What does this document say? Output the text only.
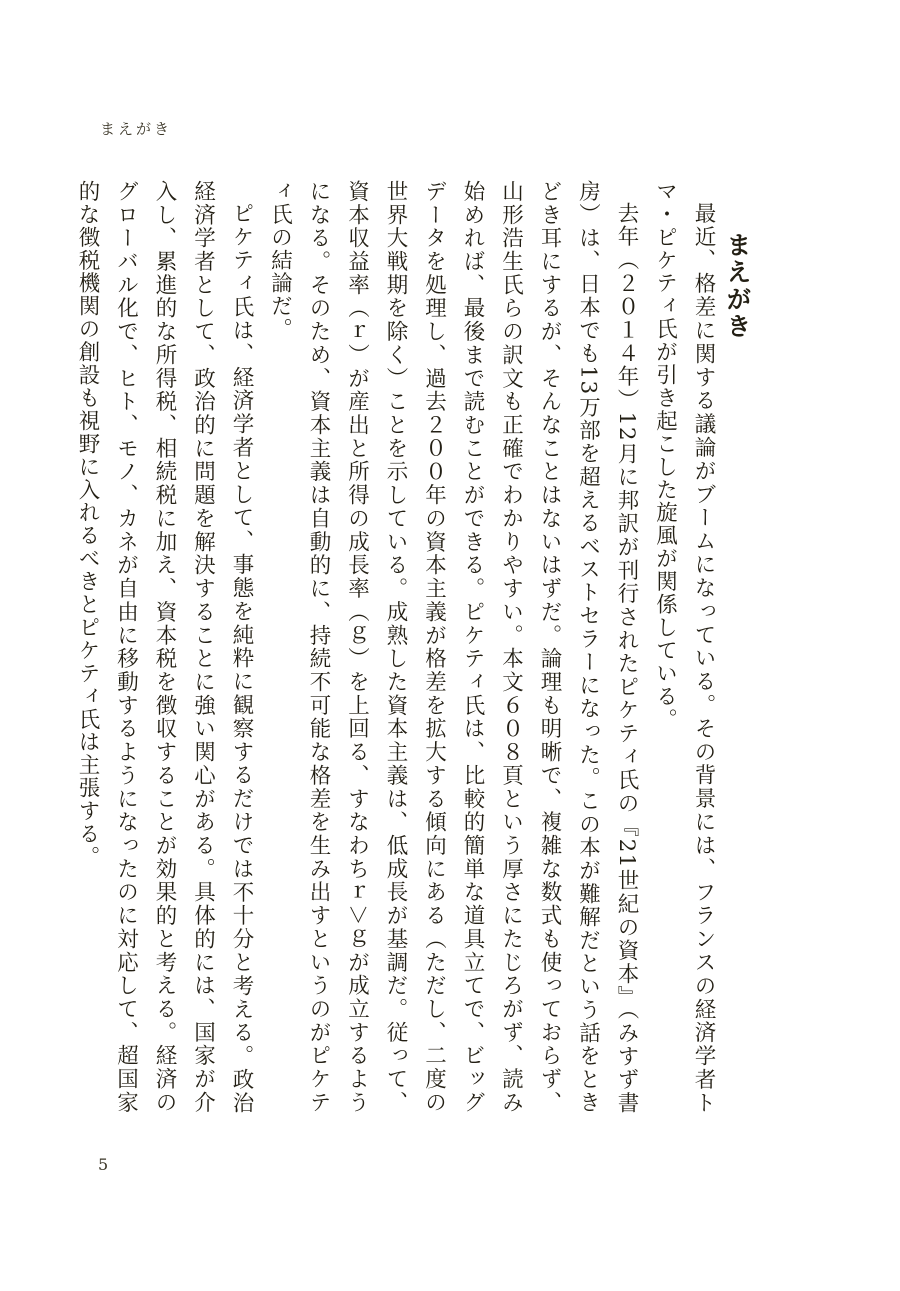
まえがき
まえがき

最近、格差に関する議論がブームになっている。その背景には、フランスの経済学者トマ・ピケティ氏が引き起こした旋風が関係している。

去年（２０１４年）12月に邦訳が刊行されたピケティ氏の『21世紀の資本』（みすず書房）は、日本でも13万部を超えるベストセラーになった。この本が難解だという話をときどき耳にするが、そんなことはないはずだ。論理も明晰で、複雑な数式も使っておらず、山形浩生氏らの訳文も正確でわかりやすい。本文６０８頁という厚さにたじろがず、読み始めれば、最後まで読むことができる。ピケティ氏は、比較的簡単な道具立てで、ビッグデータを処理し、過去２００年の資本主義が格差を拡大する傾向にある（ただし、二度の世界大戦期を除く）ことを示している。成熟した資本主義は、低成長が基調だ。従って、資本収益率（ｒ）が産出と所得の成長率（ｇ）を上回る、すなわちｒ＞ｇが成立するようになる。そのため、資本主義は自動的に、持続不可能な格差を生み出すというのがピケティ氏の結論だ。

ピケティ氏は、経済学者として、事態を純粋に観察するだけでは不十分と考える。政治経済学者として、政治的に問題を解決することに強い関心がある。具体的には、国家が介入し、累進的な所得税、相続税に加え、資本税を徴収することが効果的と考える。経済のグローバル化で、ヒト、モノ、カネが自由に移動するようになったのに対応して、超国家的な徴税機関の創設も視野に入れるべきとピケティ氏は主張する。

5
